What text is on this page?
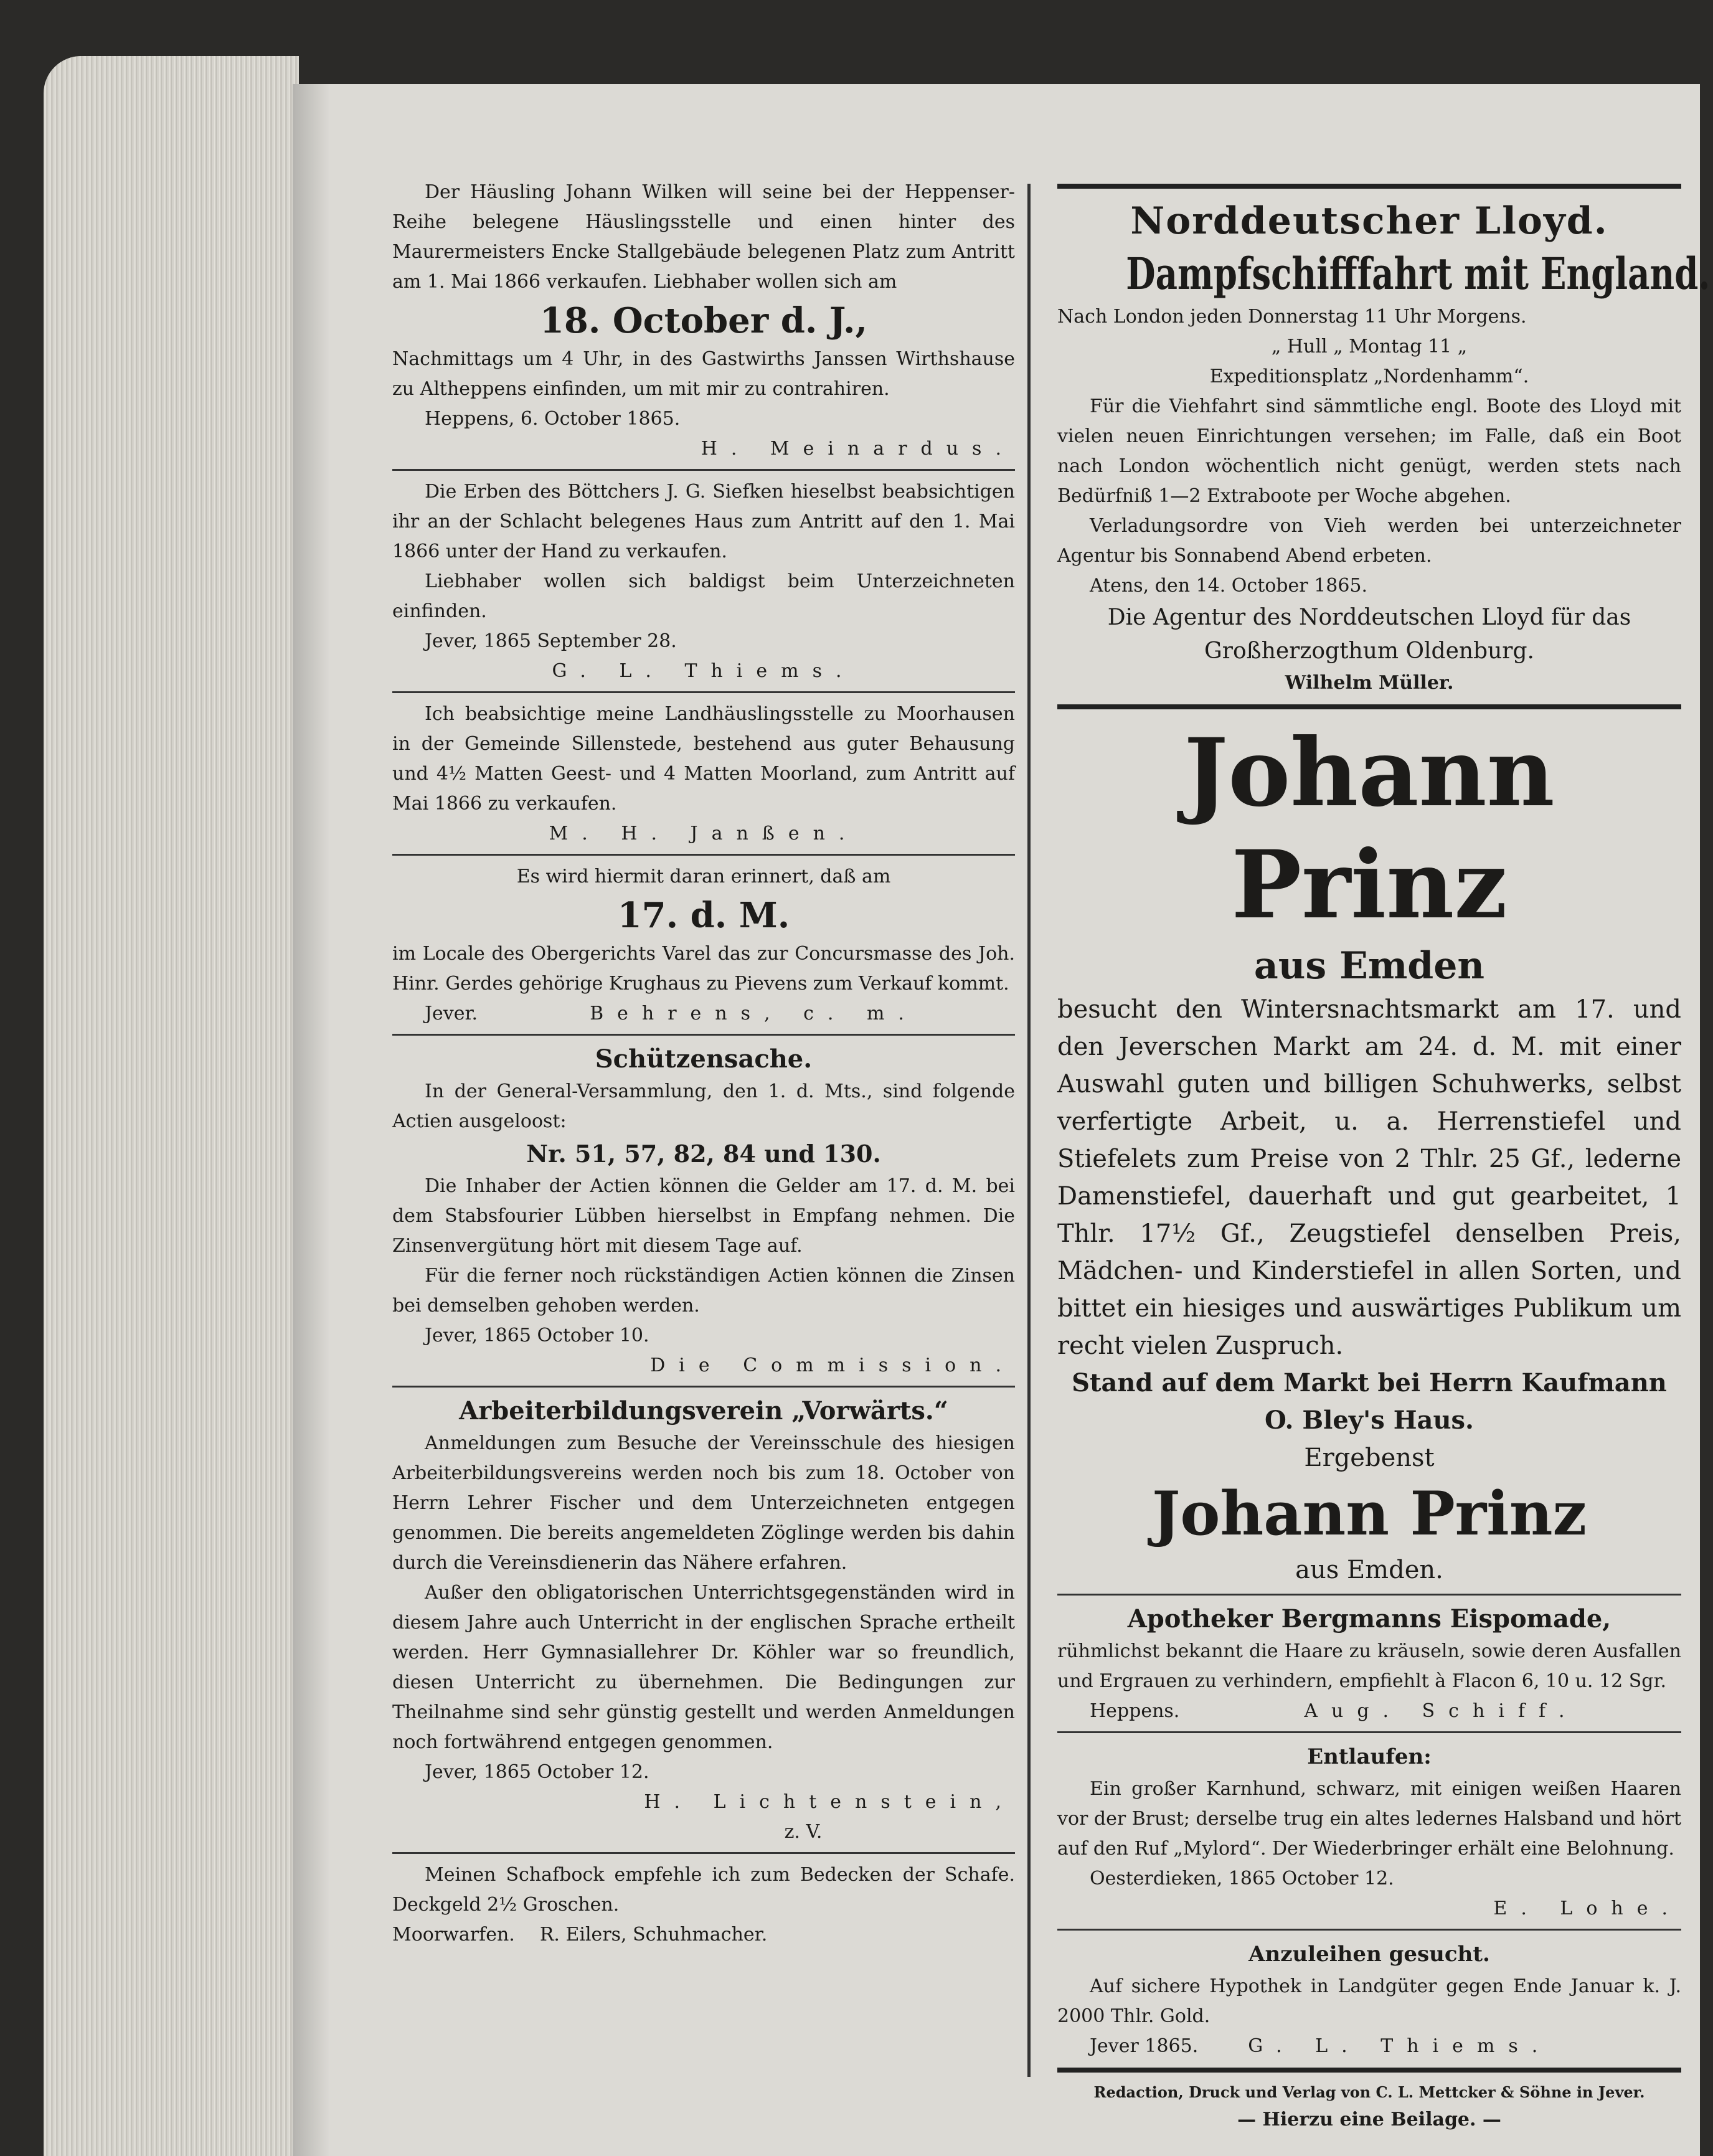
Der Häusling Johann Wilken will seine bei der Heppenser-Reihe belegene Häuslingsstelle und einen hinter des Maurermeisters Encke Stallgebäude belegenen Platz zum Antritt am 1. Mai 1866 verkaufen. Liebhaber wollen sich am

18. October d. J.,

Nachmittags um 4 Uhr, in des Gastwirths Janssen Wirthshause zu Altheppens einfinden, um mit mir zu contrahiren.

Heppens, 6. October 1865.

H. Meinardus.

Die Erben des Böttchers J. G. Siefken hieselbst beabsichtigen ihr an der Schlacht belegenes Haus zum Antritt auf den 1. Mai 1866 unter der Hand zu verkaufen.

Liebhaber wollen sich baldigst beim Unterzeichneten einfinden.

Jever, 1865 September 28.

G. L. Thiems.

Ich beabsichtige meine Landhäuslingsstelle zu Moorhausen in der Gemeinde Sillenstede, bestehend aus guter Behausung und 4½ Matten Geest- und 4 Matten Moorland, zum Antritt auf Mai 1866 zu verkaufen.

M. H. Janßen.

Es wird hiermit daran erinnert, daß am

17. d. M.

im Locale des Obergerichts Varel das zur Concursmasse des Joh. Hinr. Gerdes gehörige Krughaus zu Pievens zum Verkauf kommt.

Jever.	Behrens, c. m.

Schützensache.

In der General-Versammlung, den 1. d. Mts., sind folgende Actien ausgeloost:

Nr. 51, 57, 82, 84 und 130.

Die Inhaber der Actien können die Gelder am 17. d. M. bei dem Stabsfourier Lübben hierselbst in Empfang nehmen. Die Zinsenvergütung hört mit diesem Tage auf.

Für die ferner noch rückständigen Actien können die Zinsen bei demselben gehoben werden.

Jever, 1865 October 10.

Die Commission.

Arbeiterbildungsverein „Vorwärts.“

Anmeldungen zum Besuche der Vereinsschule des hiesigen Arbeiterbildungsvereins werden noch bis zum 18. October von Herrn Lehrer Fischer und dem Unterzeichneten entgegen genommen. Die bereits angemeldeten Zöglinge werden bis dahin durch die Vereinsdienerin das Nähere erfahren.

Außer den obligatorischen Unterrichtsgegenständen wird in diesem Jahre auch Unterricht in der englischen Sprache ertheilt werden. Herr Gymnasiallehrer Dr. Köhler war so freundlich, diesen Unterricht zu übernehmen. Die Bedingungen zur Theilnahme sind sehr günstig gestellt und werden Anmeldungen noch fortwährend entgegen genommen.

Jever, 1865 October 12.

H. Lichtenstein,

z. V.

Meinen Schafbock empfehle ich zum Bedecken der Schafe. Deckgeld 2½ Groschen.

Moorwarfen. R. Eilers, Schuhmacher.

Norddeutscher Lloyd.
Dampfschifffahrt mit England.

Nach London jeden Donnerstag 11 Uhr Morgens.

„ Hull „ Montag 11 „

Expeditionsplatz „Nordenhamm“.

Für die Viehfahrt sind sämmtliche engl. Boote des Lloyd mit vielen neuen Einrichtungen versehen; im Falle, daß ein Boot nach London wöchentlich nicht genügt, werden stets nach Bedürfniß 1—2 Extraboote per Woche abgehen.

Verladungsordre von Vieh werden bei unterzeichneter Agentur bis Sonnabend Abend erbeten.

Atens, den 14. October 1865.

Die Agentur des Norddeutschen Lloyd für das Großherzogthum Oldenburg.

Wilhelm Müller.

Johann Prinz
aus Emden

besucht den Wintersnachtsmarkt am 17. und den Jeverschen Markt am 24. d. M. mit einer Auswahl guten und billigen Schuhwerks, selbst verfertigte Arbeit, u. a. Herrenstiefel und Stiefelets zum Preise von 2 Thlr. 25 Gf., lederne Damenstiefel, dauerhaft und gut gearbeitet, 1 Thlr. 17½ Gf., Zeugstiefel denselben Preis, Mädchen- und Kinderstiefel in allen Sorten, und bittet ein hiesiges und auswärtiges Publikum um recht vielen Zuspruch.

Stand auf dem Markt bei Herrn Kaufmann O. Bley's Haus.

Ergebenst

Johann Prinz

aus Emden.

Apotheker Bergmanns Eispomade,

rühmlichst bekannt die Haare zu kräuseln, sowie deren Ausfallen und Ergrauen zu verhindern, empfiehlt à Flacon 6, 10 u. 12 Sgr.

Heppens.	Aug. Schiff.

Entlaufen:

Ein großer Karnhund, schwarz, mit einigen weißen Haaren vor der Brust; derselbe trug ein altes ledernes Halsband und hört auf den Ruf „Mylord“. Der Wiederbringer erhält eine Belohnung.

Oesterdieken, 1865 October 12.

E. Lohe.

Anzuleihen gesucht.

Auf sichere Hypothek in Landgüter gegen Ende Januar k. J. 2000 Thlr. Gold.

Jever 1865.	G. L. Thiems.

Redaction, Druck und Verlag von C. L. Mettcker & Söhne in Jever.

— Hierzu eine Beilage. —
